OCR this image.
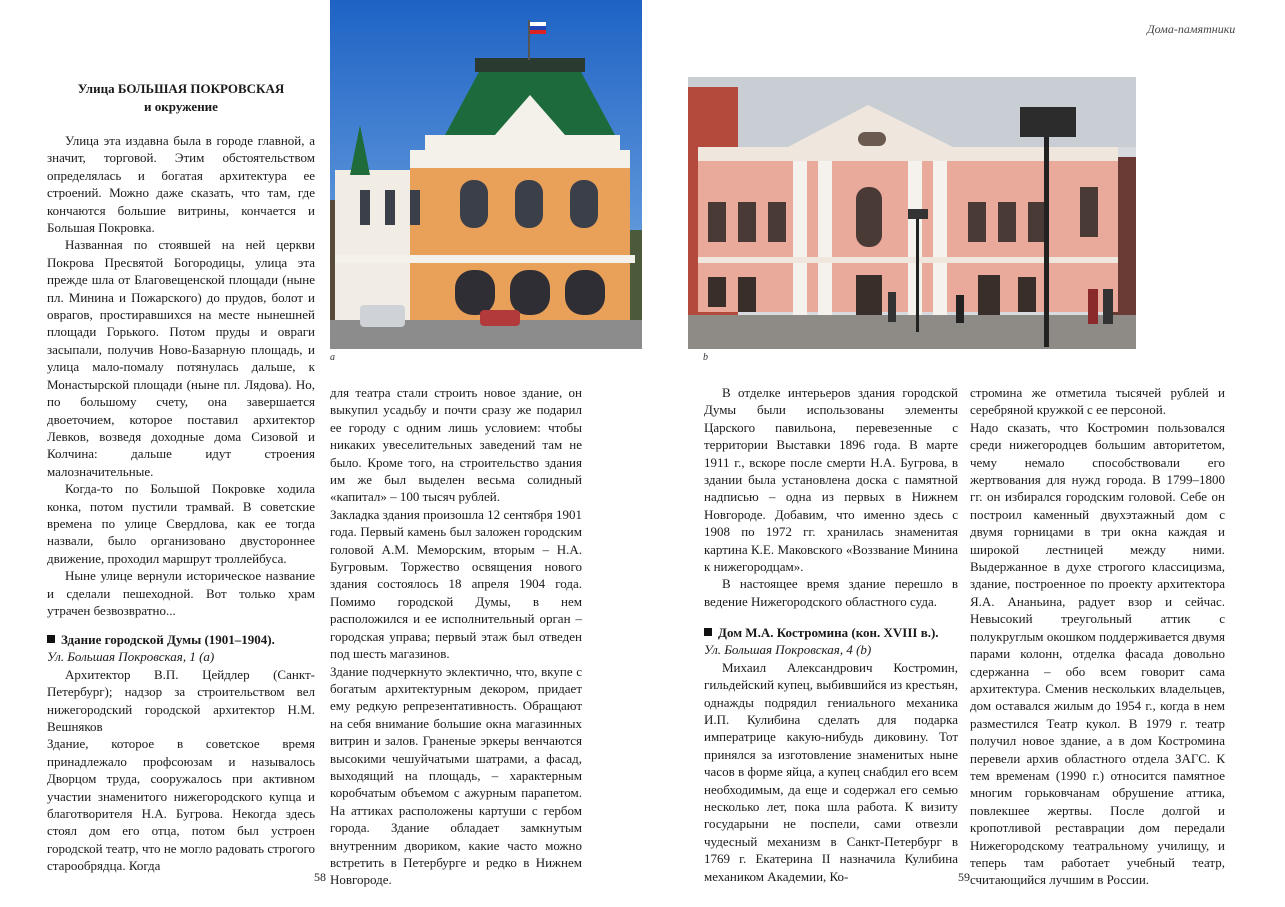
Дома-памятники
58	59
a	b
Улица БОЛЬШАЯ ПОКРОВСКАЯ
и окружение

Улица эта издавна была в городе главной, а значит, торговой. Этим обстоятельством определялась и богатая архитектура ее строений. Можно даже сказать, что там, где кончаются большие витрины, кончается и Большая Покровка.

Названная по стоявшей на ней церкви Покрова Пресвятой Богородицы, улица эта прежде шла от Благовещенской площади (ныне пл. Минина и Пожарского) до прудов, болот и оврагов, простиравшихся на месте нынешней площади Горького. Потом пруды и овраги засыпали, получив Ново-Базарную площадь, и улица мало-помалу потянулась дальше, к Монастырской площади (ныне пл. Лядова). Но, по большому счету, она завершается двоеточием, которое поставил архитектор Левков, возведя доходные дома Сизовой и Колчина: дальше идут строения малозначительные.

Когда-то по Большой Покровке ходила конка, потом пустили трамвай. В советские времена по улице Свердлова, как ее тогда назвали, было организовано двустороннее движение, проходил маршрут троллейбуса.

Ныне улице вернули историческое название и сделали пешеходной. Вот только храм утрачен безвозвратно...

Здание городской Думы (1901–1904).

Ул. Большая Покровская, 1 (a)

Архитектор В.П. Цейдлер (Санкт-Петербург); надзор за строительством вел нижегородский городской архитектор Н.М. Вешняков

Здание, которое в советское время принадлежало профсоюзам и называлось Дворцом труда, сооружалось при активном участии знаменитого нижегородского купца и благотворителя Н.А. Бугрова. Некогда здесь стоял дом его отца, потом был устроен городской театр, что не могло радовать строгого старообрядца. Когда

для театра стали строить новое здание, он выкупил усадьбу и почти сразу же подарил ее городу с одним лишь условием: чтобы никаких увеселительных заведений там не было. Кроме того, на строительство здания им же был выделен весьма солидный «капитал» – 100 тысяч рублей.

Закладка здания произошла 12 сентября 1901 года. Первый камень был заложен городским головой А.М. Меморским, вторым – Н.А. Бугровым. Торжество освящения нового здания состоялось 18 апреля 1904 года. Помимо городской Думы, в нем расположился и ее исполнительный орган – городская управа; первый этаж был отведен под шесть магазинов.

Здание подчеркнуто эклектично, что, вкупе с богатым архитектурным декором, придает ему редкую репрезентативность. Обращают на себя внимание большие окна магазинных витрин и залов. Граненые эркеры венчаются высокими чешуйчатыми шатрами, а фасад, выходящий на площадь, – характерным коробчатым объемом с ажурным парапетом. На аттиках расположены картуши с гербом города. Здание обладает замкнутым внутренним двориком, какие часто можно встретить в Петербурге и редко в Нижнем Новгороде.

В отделке интерьеров здания городской Думы были использованы элементы Царского павильона, перевезенные с территории Выставки 1896 года. В марте 1911 г., вскоре после смерти Н.А. Бугрова, в здании была установлена доска с памятной надписью – одна из первых в Нижнем Новгороде. Добавим, что именно здесь с 1908 по 1972 гг. хранилась знаменитая картина К.Е. Маковского «Воззвание Минина к нижегородцам».

В настоящее время здание перешло в ведение Нижегородского областного суда.

Дом М.А. Костромина (кон. XVIII в.).

Ул. Большая Покровская, 4 (b)

Михаил Александрович Костромин, гильдейский купец, выбившийся из крестьян, однажды подрядил гениального механика И.П. Кулибина сделать для подарка императрице какую-нибудь диковину. Тот принялся за изготовление знаменитых ныне часов в форме яйца, а купец снабдил его всем необходимым, да еще и содержал его семью несколько лет, пока шла работа. К визиту государыни не поспели, сами отвезли чудесный механизм в Санкт-Петербург в 1769 г. Екатерина II назначила Кулибина механиком Академии, Ко-

стромина же отметила тысячей рублей и серебряной кружкой с ее персоной.

Надо сказать, что Костромин пользовался среди нижегородцев большим авторитетом, чему немало способствовали его жертвования для нужд города. В 1799–1800 гг. он избирался городским головой. Себе он построил каменный двухэтажный дом с двумя горницами в три окна каждая и широкой лестницей между ними. Выдержанное в духе строгого классицизма, здание, построенное по проекту архитектора Я.А. Ананьина, радует взор и сейчас. Невысокий треугольный аттик с полукруглым окошком поддерживается двумя парами колонн, отделка фасада довольно сдержанна – обо всем говорит сама архитектура. Сменив нескольких владельцев, дом оставался жилым до 1954 г., когда в нем разместился Театр кукол. В 1979 г. театр получил новое здание, а в дом Костромина перевели архив областного отдела ЗАГС. К тем временам (1990 г.) относится памятное многим горьковчанам обрушение аттика, повлекшее жертвы. После долгой и кропотливой реставрации дом передали Нижегородскому театральному училищу, и теперь там работает учебный театр, считающийся лучшим в России.
